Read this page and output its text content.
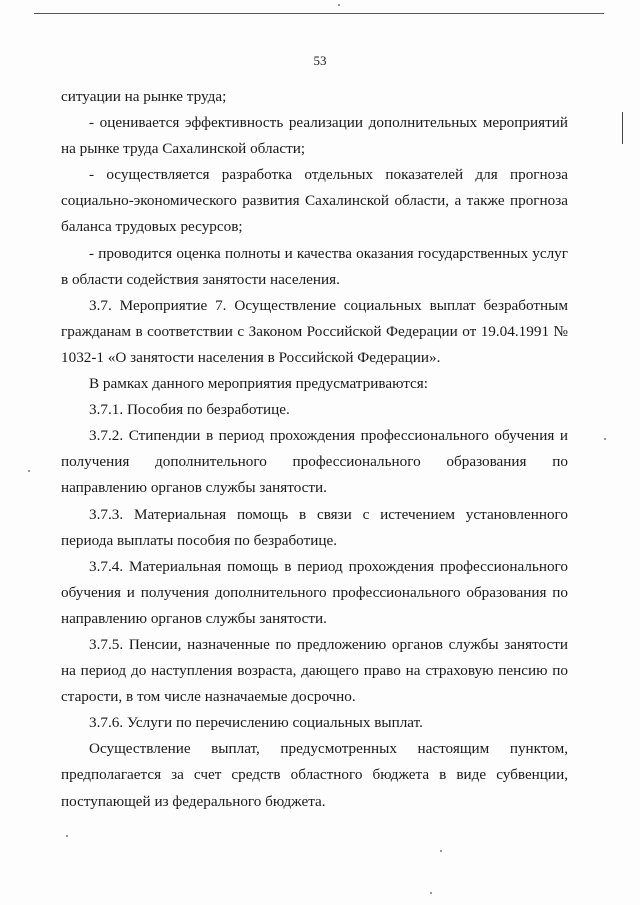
53

ситуации на рынке труда;

- оценивается эффективность реализации дополнительных мероприятий на рынке труда Сахалинской области;

- осуществляется разработка отдельных показателей для прогноза социально-экономического развития Сахалинской области, а также прогноза баланса трудовых ресурсов;

- проводится оценка полноты и качества оказания государственных услуг в области содействия занятости населения.

3.7. Мероприятие 7. Осуществление социальных выплат безработным гражданам в соответствии с Законом Российской Федерации от 19.04.1991 № 1032-1 «О занятости населения в Российской Федерации».

В рамках данного мероприятия предусматриваются:

3.7.1. Пособия по безработице.

3.7.2. Стипендии в период прохождения профессионального обучения и получения дополнительного профессионального образования по направлению органов службы занятости.

3.7.3. Материальная помощь в связи с истечением установленного периода выплаты пособия по безработице.

3.7.4. Материальная помощь в период прохождения профессионального обучения и получения дополнительного профессионального образования по направлению органов службы занятости.

3.7.5. Пенсии, назначенные по предложению органов службы занятости на период до наступления возраста, дающего право на страховую пенсию по старости, в том числе назначаемые досрочно.

3.7.6. Услуги по перечислению социальных выплат.

Осуществление выплат, предусмотренных настоящим пунктом, предполагается за счет средств областного бюджета в виде субвенции, поступающей из федерального бюджета.
